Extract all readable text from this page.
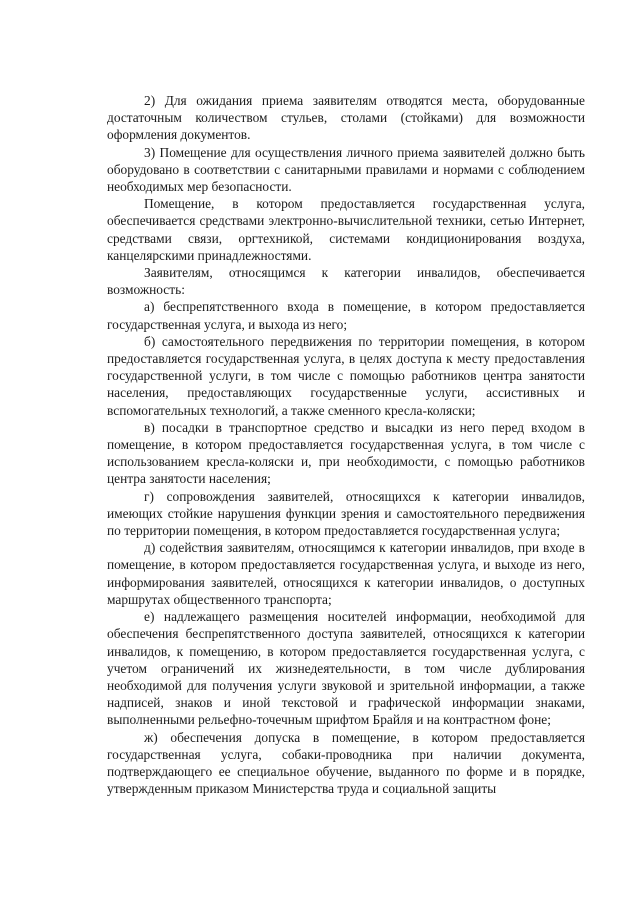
2) Для ожидания приема заявителям отводятся места, оборудованные достаточным количеством стульев, столами (стойками) для возможности оформления документов.

3) Помещение для осуществления личного приема заявителей должно быть оборудовано в соответствии с санитарными правилами и нормами с соблюдением необходимых мер безопасности.

Помещение, в котором предоставляется государственная услуга, обеспечивается средствами электронно-вычислительной техники, сетью Интернет, средствами связи, оргтехникой, системами кондиционирования воздуха, канцелярскими принадлежностями.

Заявителям, относящимся к категории инвалидов, обеспечивается возможность:

а) беспрепятственного входа в помещение, в котором предоставляется государственная услуга, и выхода из него;

б) самостоятельного передвижения по территории помещения, в котором предоставляется государственная услуга, в целях доступа к месту предоставления государственной услуги, в том числе с помощью работников центра занятости населения, предоставляющих государственные услуги, ассистивных и вспомогательных технологий, а также сменного кресла-коляски;

в) посадки в транспортное средство и высадки из него перед входом в помещение, в котором предоставляется государственная услуга, в том числе с использованием кресла-коляски и, при необходимости, с помощью работников центра занятости населения;

г) сопровождения заявителей, относящихся к категории инвалидов, имеющих стойкие нарушения функции зрения и самостоятельного передвижения по территории помещения, в котором предоставляется государственная услуга;

д) содействия заявителям, относящимся к категории инвалидов, при входе в помещение, в котором предоставляется государственная услуга, и выходе из него, информирования заявителей, относящихся к категории инвалидов, о доступных маршрутах общественного транспорта;

е) надлежащего размещения носителей информации, необходимой для обеспечения беспрепятственного доступа заявителей, относящихся к категории инвалидов, к помещению, в котором предоставляется государственная услуга, с учетом ограничений их жизнедеятельности, в том числе дублирования необходимой для получения услуги звуковой и зрительной информации, а также надписей, знаков и иной текстовой и графической информации знаками, выполненными рельефно-точечным шрифтом Брайля и на контрастном фоне;

ж) обеспечения допуска в помещение, в котором предоставляется государственная услуга, собаки-проводника при наличии документа, подтверждающего ее специальное обучение, выданного по форме и в порядке, утвержденным приказом Министерства труда и социальной защиты
